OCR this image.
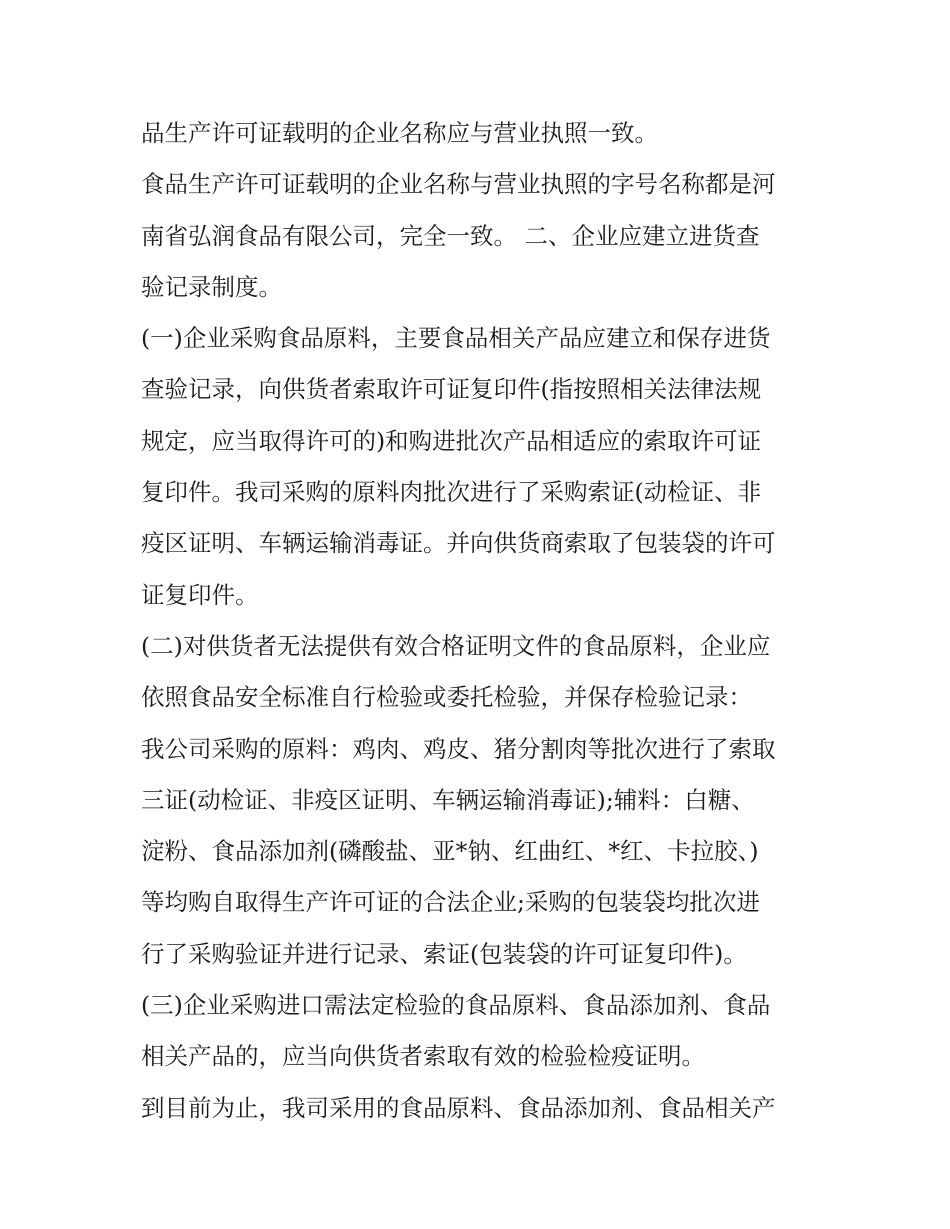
品生产许可证载明的企业名称应与营业执照一致。
食品生产许可证载明的企业名称与营业执照的字号名称都是河
南省弘润食品有限公司，完全一致。 二、企业应建立进货查
验记录制度。
(一)企业采购食品原料，主要食品相关产品应建立和保存进货
查验记录，向供货者索取许可证复印件(指按照相关法律法规
规定，应当取得许可的)和购进批次产品相适应的索取许可证
复印件。我司采购的原料肉批次进行了采购索证(动检证、非
疫区证明、车辆运输消毒证。并向供货商索取了包装袋的许可
证复印件。
(二)对供货者无法提供有效合格证明文件的食品原料，企业应
依照食品安全标准自行检验或委托检验，并保存检验记录：
我公司采购的原料：鸡肉、鸡皮、猪分割肉等批次进行了索取
三证(动检证、非疫区证明、车辆运输消毒证);辅料：白糖、
淀粉、食品添加剂(磷酸盐、亚*钠、红曲红、*红、卡拉胶、)
等均购自取得生产许可证的合法企业;采购的包装袋均批次进
行了采购验证并进行记录、索证(包装袋的许可证复印件)。
(三)企业采购进口需法定检验的食品原料、食品添加剂、食品
相关产品的，应当向供货者索取有效的检验检疫证明。
到目前为止，我司采用的食品原料、食品添加剂、食品相关产
